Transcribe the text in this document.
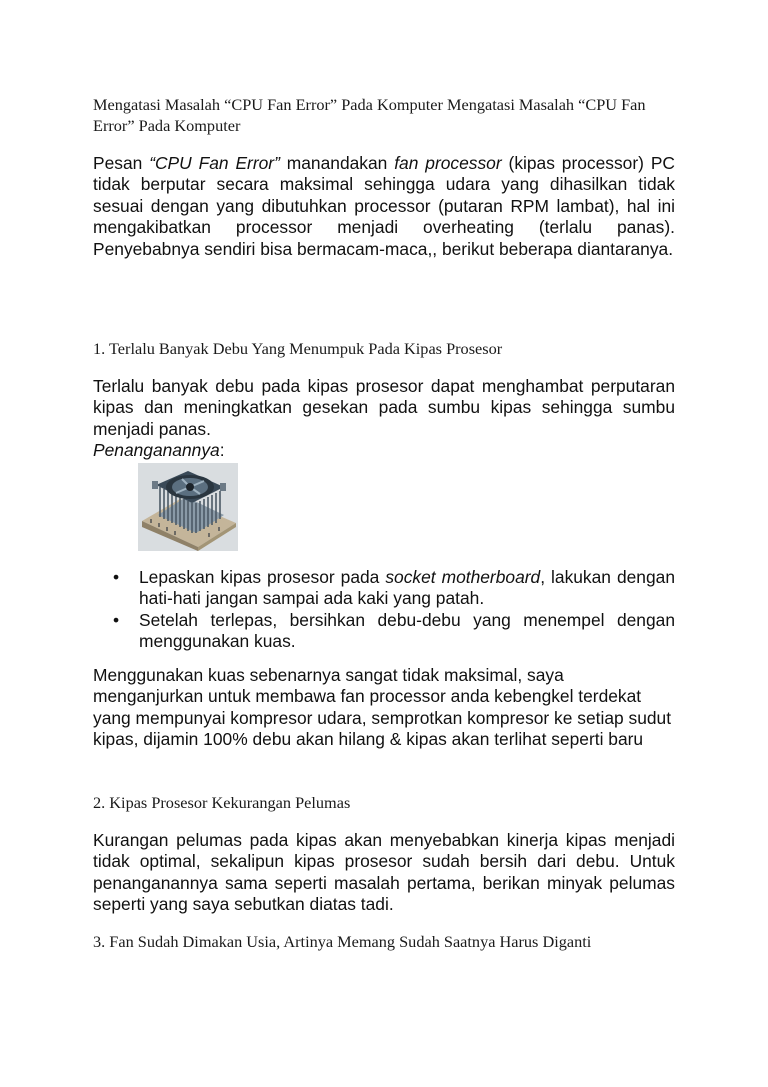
Mengatasi Masalah “CPU Fan Error” Pada Komputer Mengatasi Masalah “CPU Fan Error” Pada Komputer
Pesan “CPU Fan Error” manandakan fan processor (kipas processor) PC tidak berputar secara maksimal sehingga udara yang dihasilkan tidak sesuai dengan yang dibutuhkan processor (putaran RPM lambat), hal ini mengakibatkan processor menjadi overheating (terlalu panas). Penyebabnya sendiri bisa bermacam-maca,, berikut beberapa diantaranya.
1. Terlalu Banyak Debu Yang Menumpuk Pada Kipas Prosesor
Terlalu banyak debu pada kipas prosesor dapat menghambat perputaran kipas dan meningkatkan gesekan pada sumbu kipas sehingga sumbu menjadi panas.
Penanganannya:
• Lepaskan kipas prosesor pada socket motherboard, lakukan dengan hati-hati jangan sampai ada kaki yang patah.
• Setelah terlepas, bersihkan debu-debu yang menempel dengan menggunakan kuas.
Menggunakan kuas sebenarnya sangat tidak maksimal, saya menganjurkan untuk membawa fan processor anda kebengkel terdekat yang mempunyai kompresor udara, semprotkan kompresor ke setiap sudut kipas, dijamin 100% debu akan hilang & kipas akan terlihat seperti baru
2. Kipas Prosesor Kekurangan Pelumas
Kurangan pelumas pada kipas akan menyebabkan kinerja kipas menjadi tidak optimal, sekalipun kipas prosesor sudah bersih dari debu. Untuk penanganannya sama seperti masalah pertama, berikan minyak pelumas seperti yang saya sebutkan diatas tadi.
3. Fan Sudah Dimakan Usia, Artinya Memang Sudah Saatnya Harus Diganti
